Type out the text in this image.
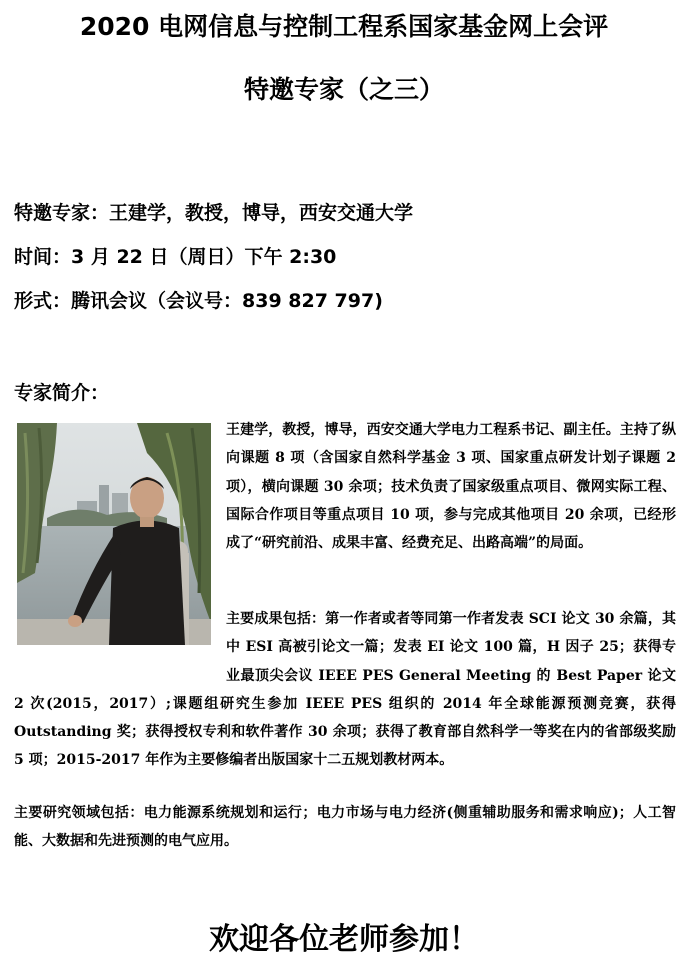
2020 电网信息与控制工程系国家基金网上会评
特邀专家（之三）

特邀专家：王建学，教授，博导，西安交通大学

时间：3 月 22 日（周日）下午 2:30

形式：腾讯会议（会议号：839 827 797)

专家简介：

王建学，教授，博导，西安交通大学电力工程系书记、副主任。主持了纵向课题 8 项（含国家自然科学基金 3 项、国家重点研发计划子课题 2 项），横向课题 30 余项；技术负责了国家级重点项目、微网实际工程、国际合作项目等重点项目 10 项，参与完成其他项目 20 余项，已经形成了“研究前沿、成果丰富、经费充足、出路高端”的局面。

主要成果包括：第一作者或者等同第一作者发表 SCI 论文 30 余篇，其中 ESI 高被引论文一篇；发表 EI 论文 100 篇，H 因子 25；获得专业最顶尖会议 IEEE PES General Meeting 的 Best Paper 论文 2 次(2015，2017）;课题组研究生参加 IEEE PES 组织的 2014 年全球能源预测竞赛，获得 Outstanding 奖；获得授权专利和软件著作 30 余项；获得了教育部自然科学一等奖在内的省部级奖励 5 项；2015-2017 年作为主要修编者出版国家十二五规划教材两本。

主要研究领域包括：电力能源系统规划和运行；电力市场与电力经济(侧重辅助服务和需求响应)；人工智能、大数据和先进预测的电气应用。

欢迎各位老师参加！
